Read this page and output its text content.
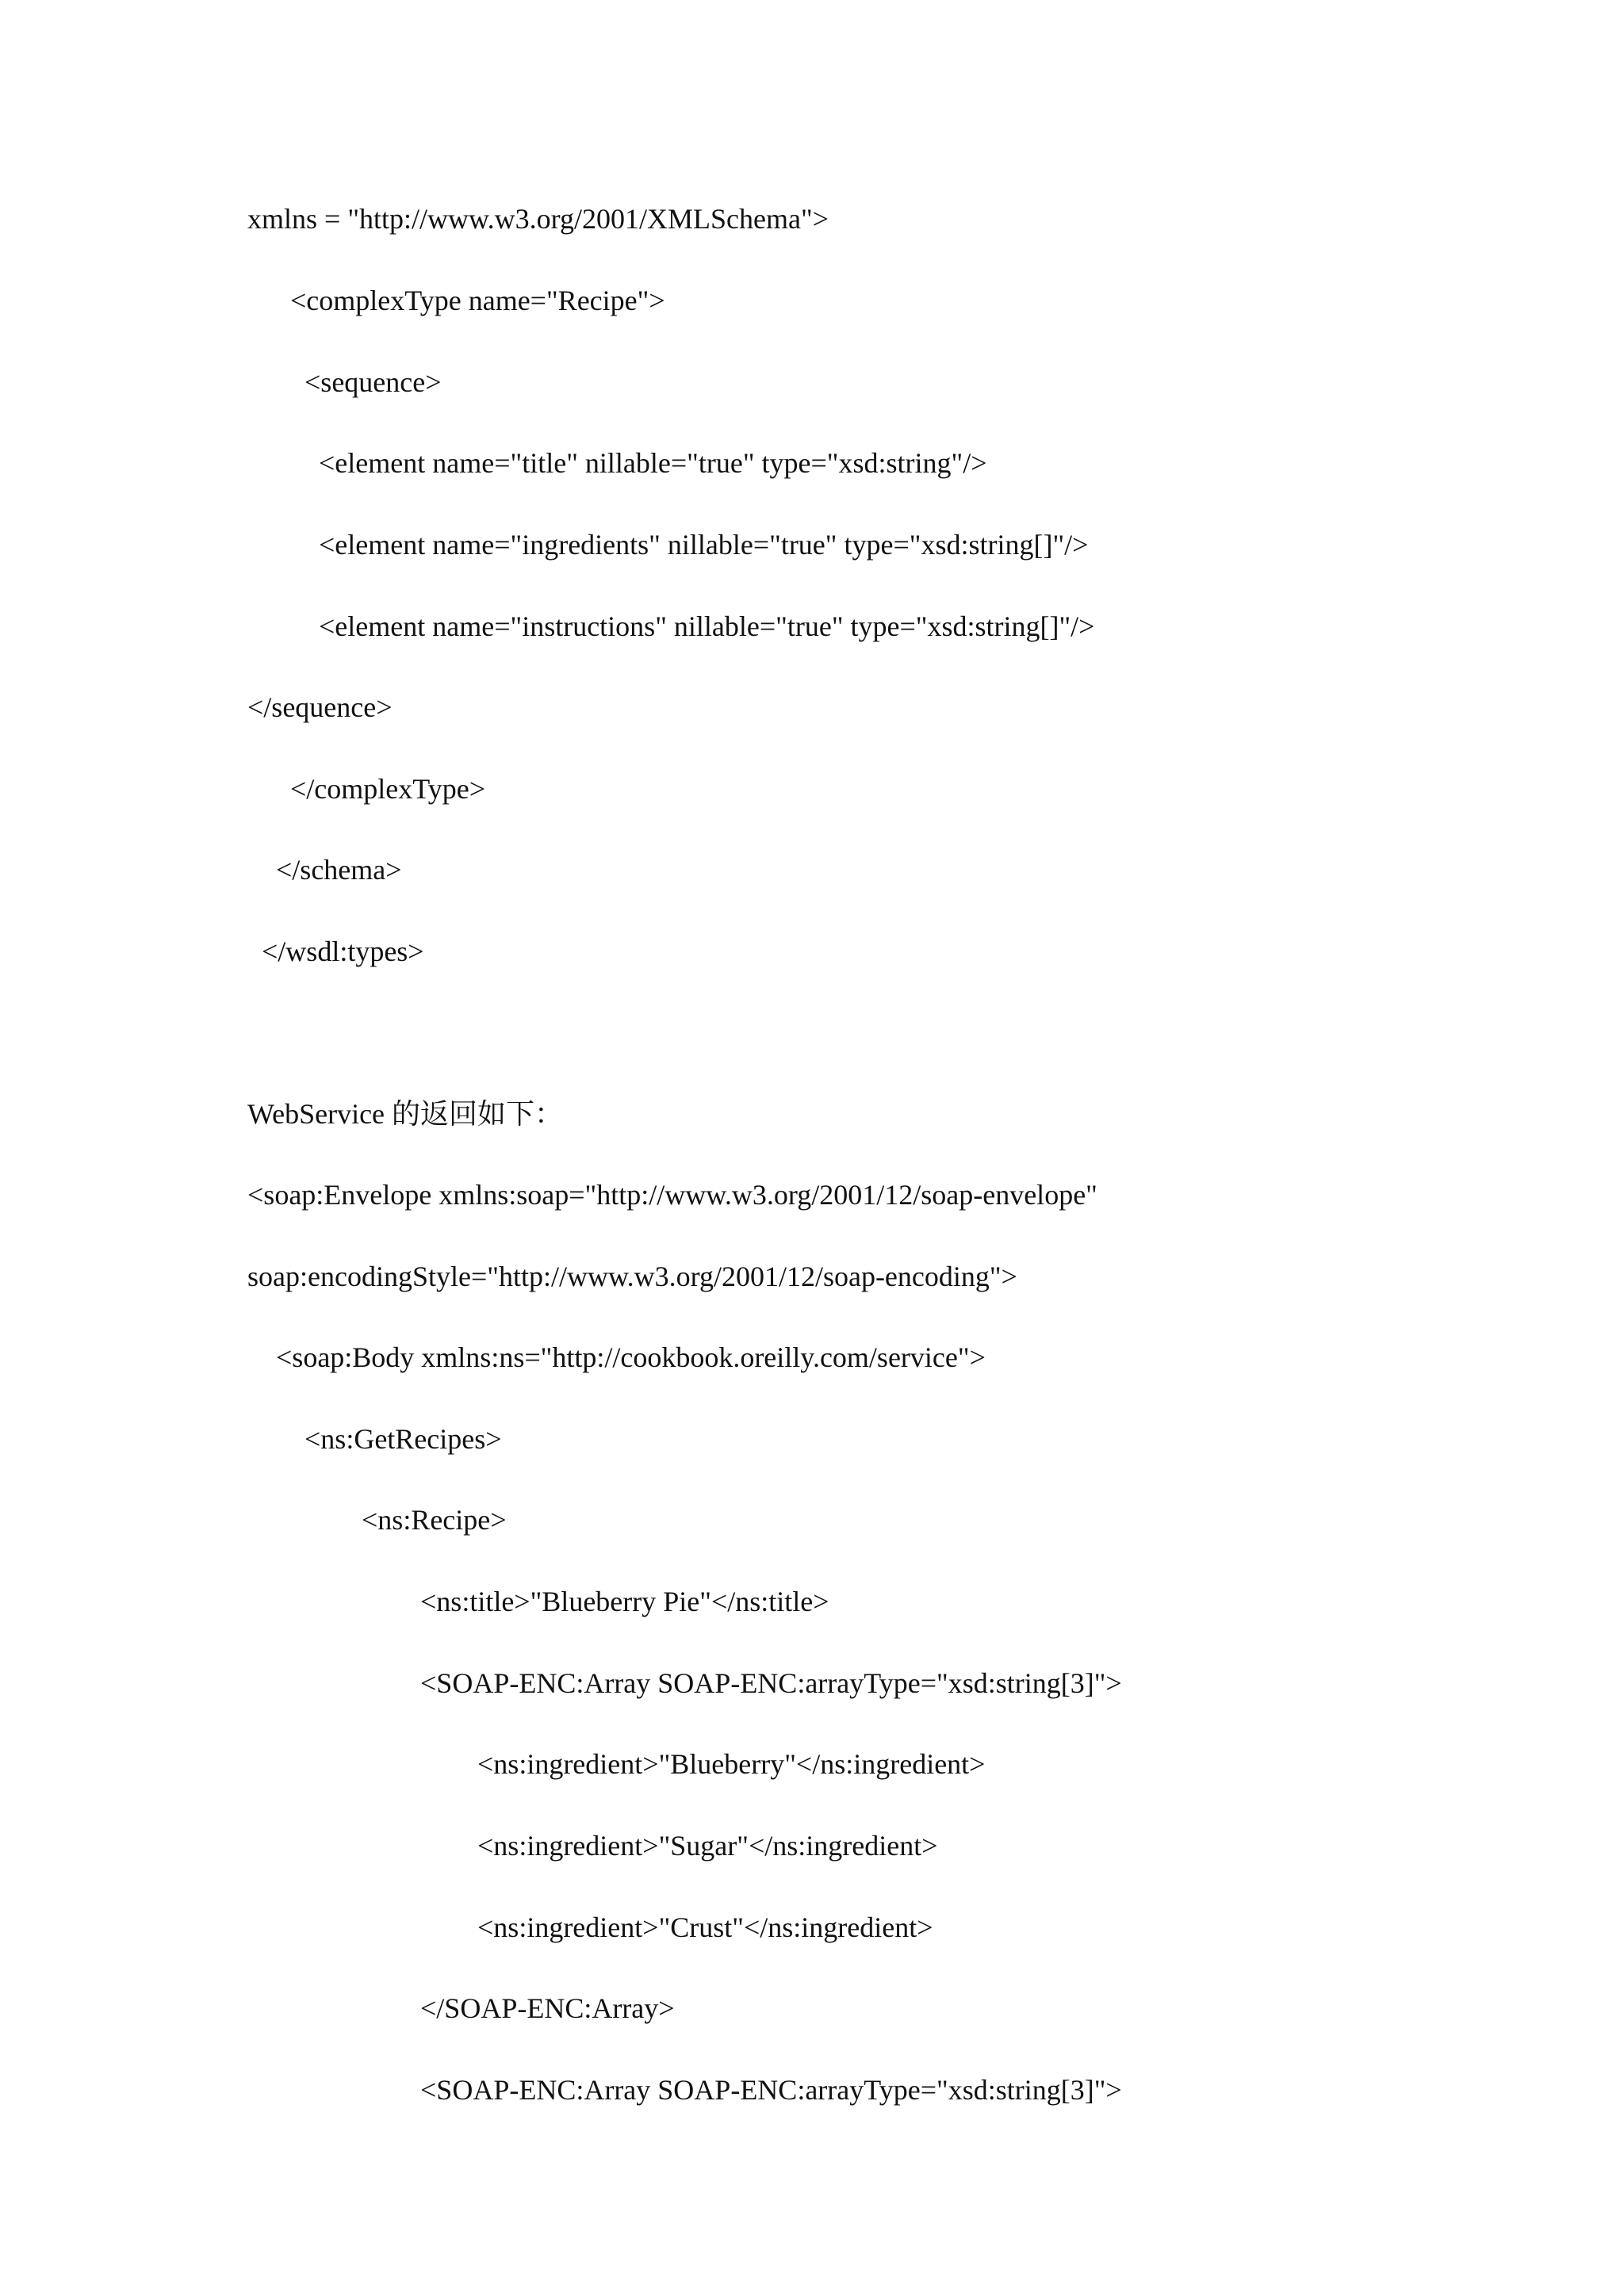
xmlns = "http://www.w3.org/2001/XMLSchema">
<complexType name="Recipe">
<sequence>
<element name="title" nillable="true" type="xsd:string"/>
<element name="ingredients" nillable="true" type="xsd:string[]"/>
<element name="instructions" nillable="true" type="xsd:string[]"/>
</sequence>
</complexType>
</schema>
</wsdl:types>
WebService 的返回如下：
<soap:Envelope xmlns:soap="http://www.w3.org/2001/12/soap-envelope"
soap:encodingStyle="http://www.w3.org/2001/12/soap-encoding">
<soap:Body xmlns:ns="http://cookbook.oreilly.com/service">
<ns:GetRecipes>
<ns:Recipe>
<ns:title>"Blueberry Pie"</ns:title>
<SOAP-ENC:Array SOAP-ENC:arrayType="xsd:string[3]">
<ns:ingredient>"Blueberry"</ns:ingredient>
<ns:ingredient>"Sugar"</ns:ingredient>
<ns:ingredient>"Crust"</ns:ingredient>
</SOAP-ENC:Array>
<SOAP-ENC:Array SOAP-ENC:arrayType="xsd:string[3]">
